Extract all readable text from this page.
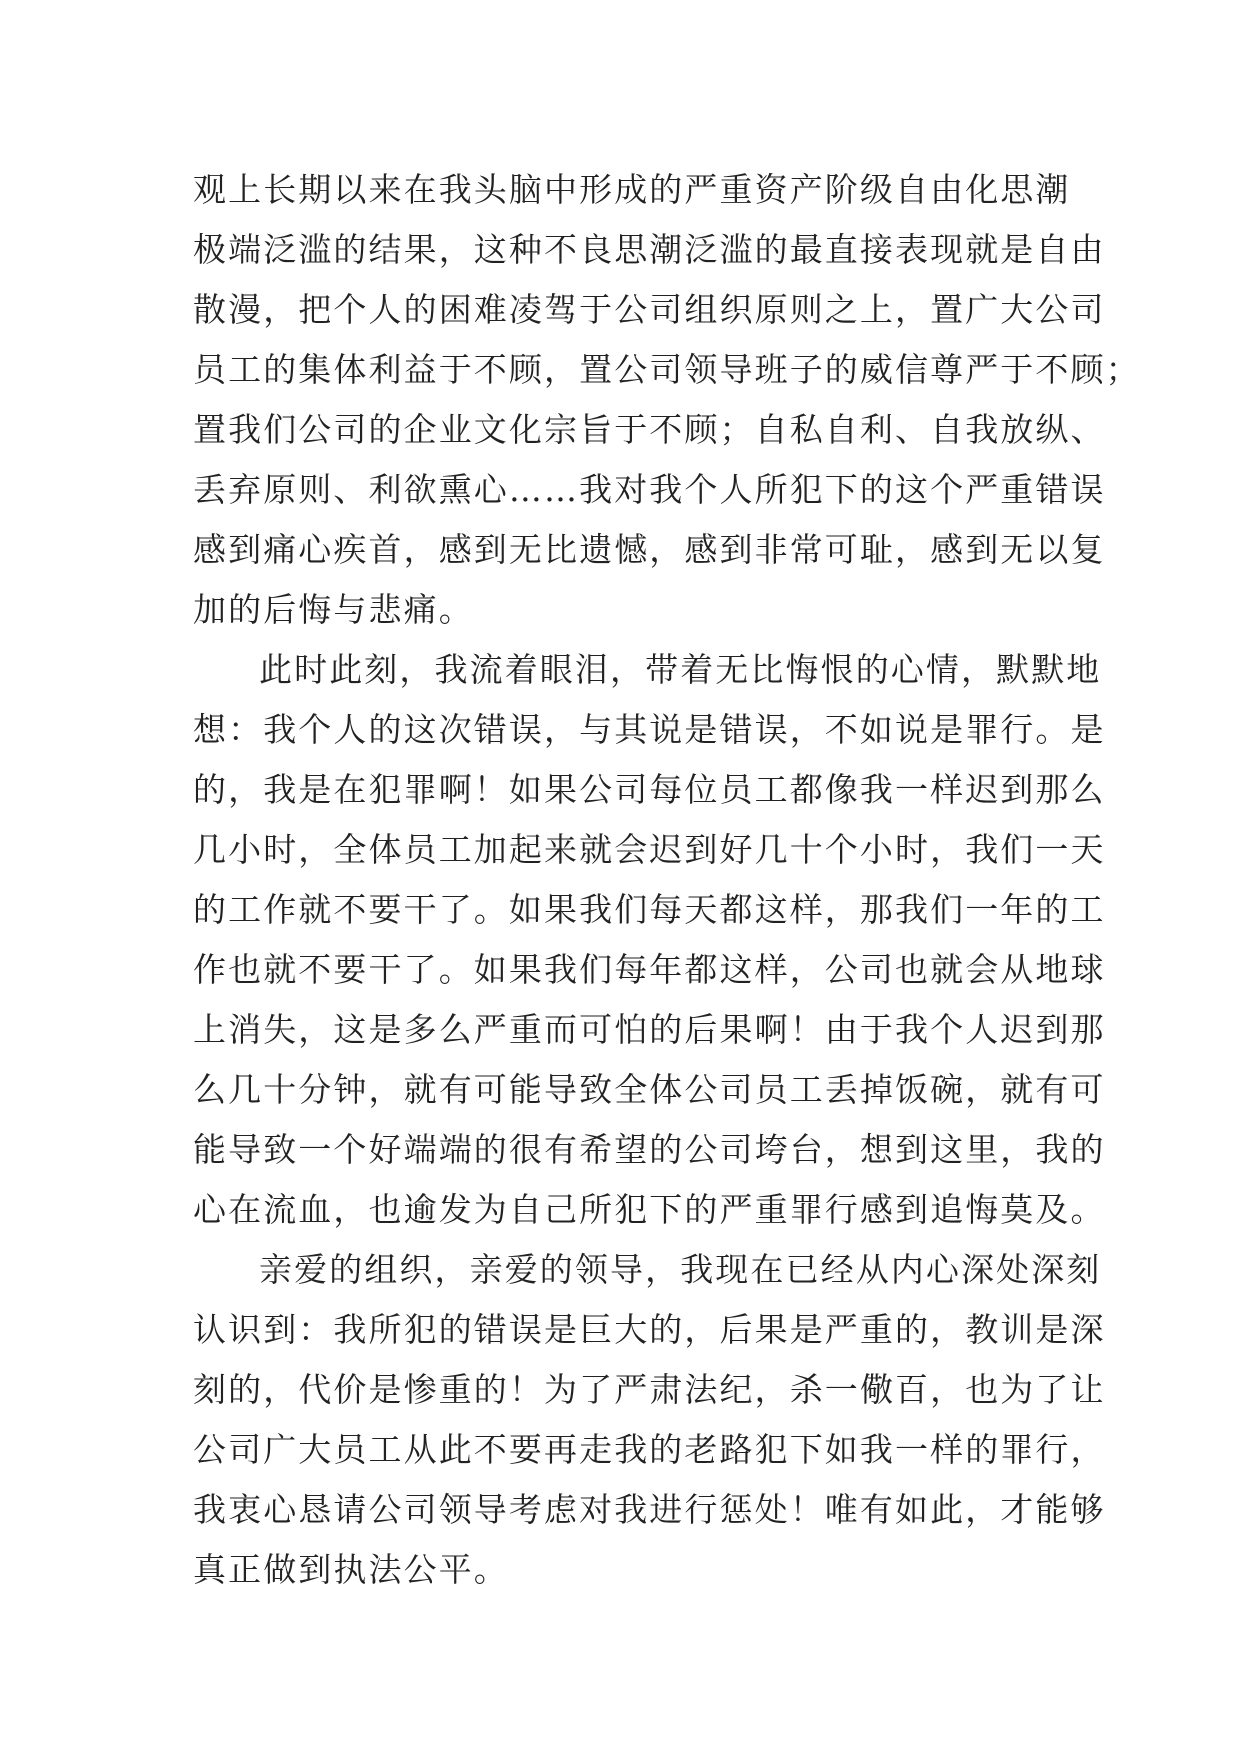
观上长期以来在我头脑中形成的严重资产阶级自由化思潮
极端泛滥的结果，这种不良思潮泛滥的最直接表现就是自由
散漫，把个人的困难凌驾于公司组织原则之上，置广大公司
员工的集体利益于不顾，置公司领导班子的威信尊严于不顾；
置我们公司的企业文化宗旨于不顾；自私自利、自我放纵、
丢弃原则、利欲熏心……我对我个人所犯下的这个严重错误
感到痛心疾首，感到无比遗憾，感到非常可耻，感到无以复
加的后悔与悲痛。
此时此刻，我流着眼泪，带着无比悔恨的心情，默默地
想：我个人的这次错误，与其说是错误，不如说是罪行。是
的，我是在犯罪啊！如果公司每位员工都像我一样迟到那么
几小时，全体员工加起来就会迟到好几十个小时，我们一天
的工作就不要干了。如果我们每天都这样，那我们一年的工
作也就不要干了。如果我们每年都这样，公司也就会从地球
上消失，这是多么严重而可怕的后果啊！由于我个人迟到那
么几十分钟，就有可能导致全体公司员工丢掉饭碗，就有可
能导致一个好端端的很有希望的公司垮台，想到这里，我的
心在流血，也逾发为自己所犯下的严重罪行感到追悔莫及。
亲爱的组织，亲爱的领导，我现在已经从内心深处深刻
认识到：我所犯的错误是巨大的，后果是严重的，教训是深
刻的，代价是惨重的！为了严肃法纪，杀一儆百，也为了让
公司广大员工从此不要再走我的老路犯下如我一样的罪行，
我衷心恳请公司领导考虑对我进行惩处！唯有如此，才能够
真正做到执法公平。
